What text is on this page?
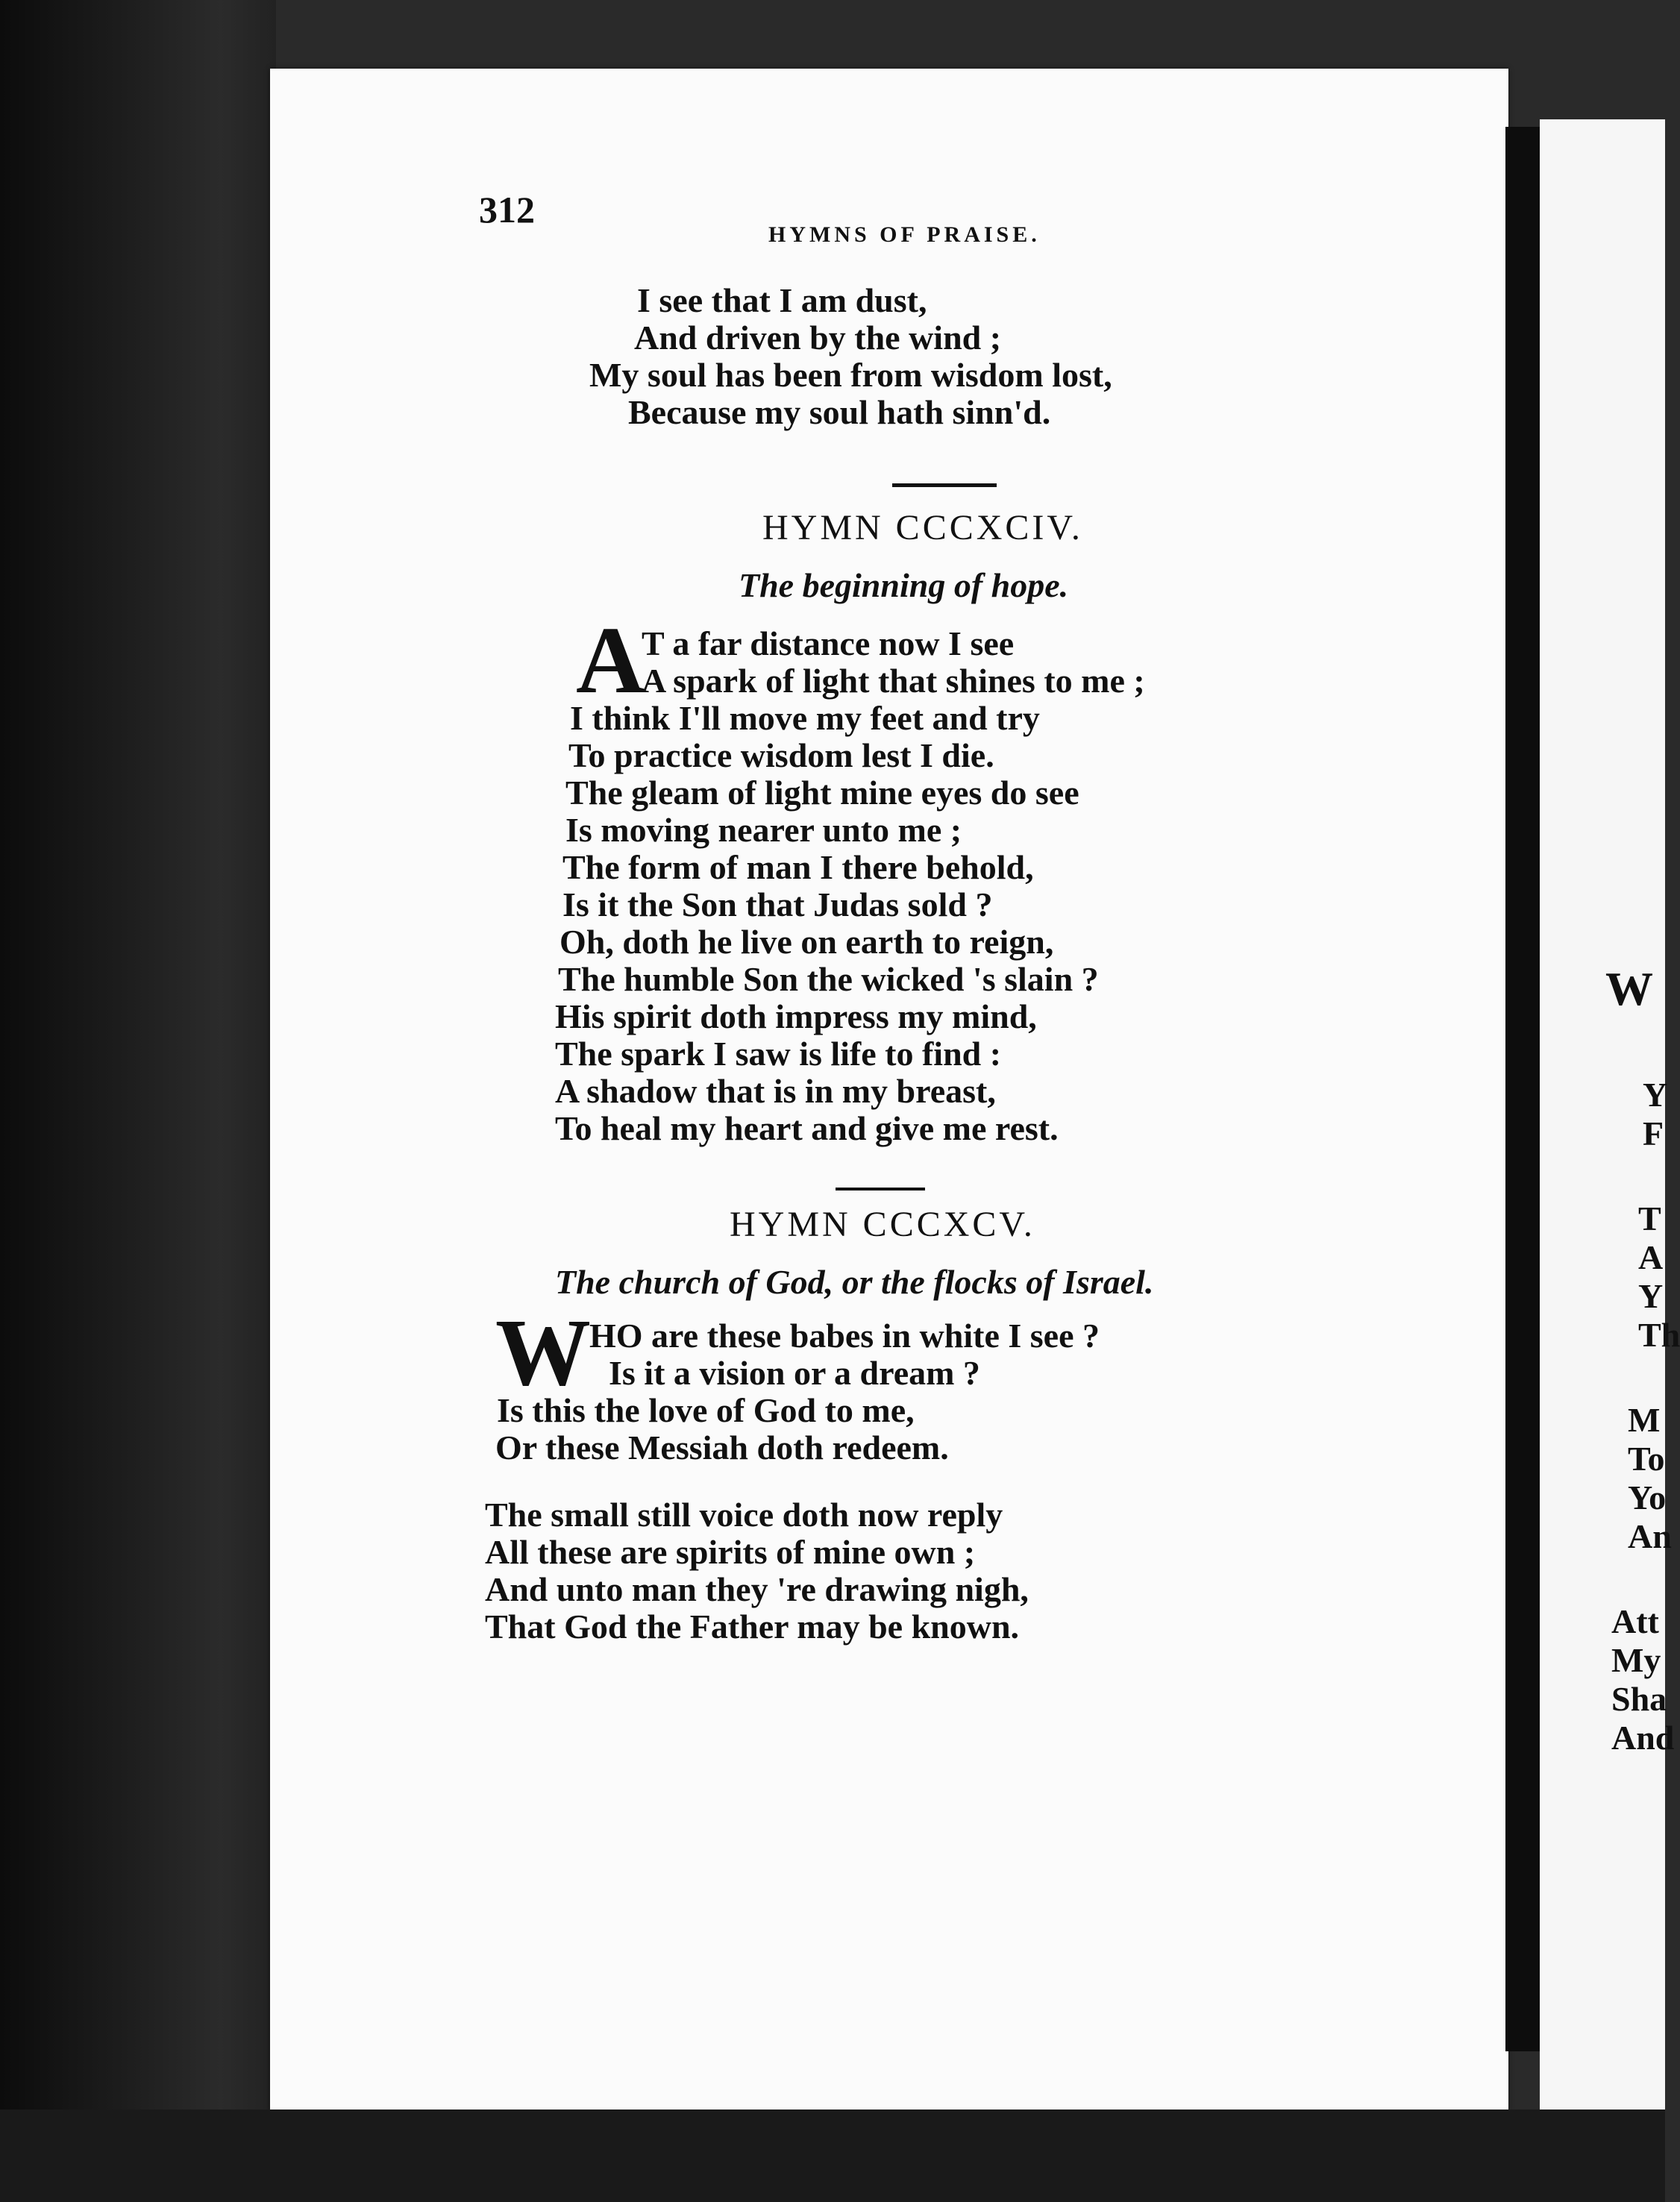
312
HYMNS OF PRAISE.
I see that I am dust,
And driven by the wind ;
My soul has been from wisdom lost,
Because my soul hath sinn'd.
HYMN CCCXCIV.
The beginning of hope.
A
T a far distance now I see
A spark of light that shines to me ;
I think I'll move my feet and try
To practice wisdom lest I die.
The gleam of light mine eyes do see
Is moving nearer unto me ;
The form of man I there behold,
Is it the Son that Judas sold ?
Oh, doth he live on earth to reign,
The humble Son the wicked 's slain ?
His spirit doth impress my mind,
The spark I saw is life to find :
A shadow that is in my breast,
To heal my heart and give me rest.
HYMN CCCXCV.
The church of God, or the flocks of Israel.
W
HO are these babes in white I see ?
Is it a vision or a dream ?
Is this the love of God to me,
Or these Messiah doth redeem.
The small still voice doth now reply
All these are spirits of mine own ;
And unto man they 're drawing nigh,
That God the Father may be known.
W
Y
F
T
A
Y
Th
M
To
Yo
An
Att
My
Sha
And
